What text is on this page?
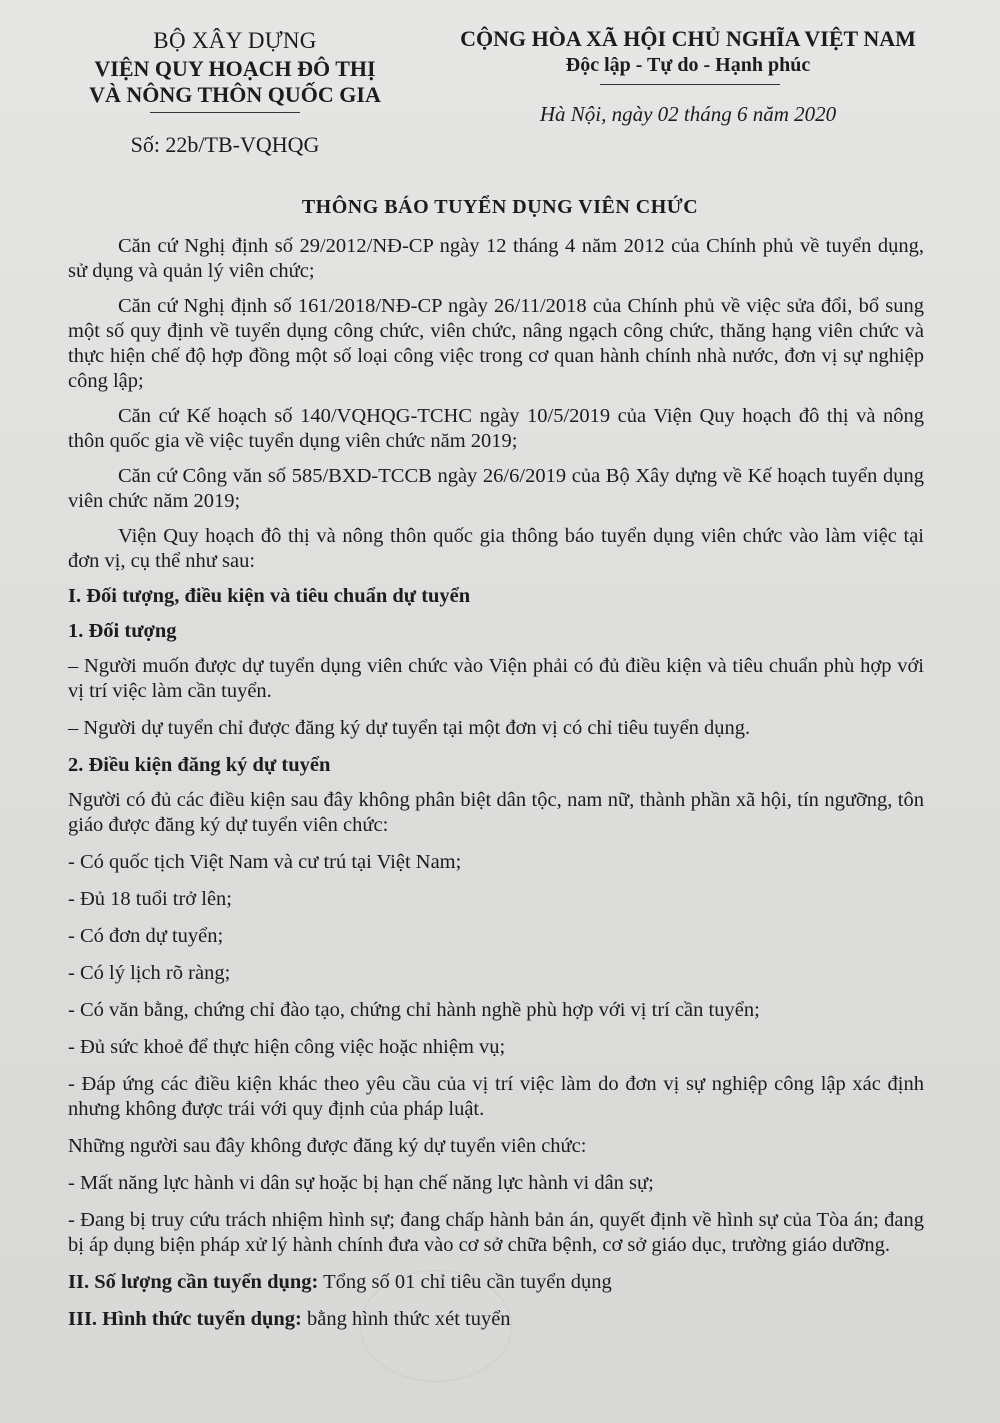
BỘ XÂY DỰNG
VIỆN QUY HOẠCH ĐÔ THỊ
VÀ NÔNG THÔN QUỐC GIA
Số: 22b/TB-VQHQG
CỘNG HÒA XÃ HỘI CHỦ NGHĨA VIỆT NAM
Độc lập - Tự do - Hạnh phúc
Hà Nội, ngày 02 tháng 6 năm 2020
THÔNG BÁO TUYỂN DỤNG VIÊN CHỨC

Căn cứ Nghị định số 29/2012/NĐ-CP ngày 12 tháng 4 năm 2012 của Chính phủ về tuyển dụng, sử dụng và quản lý viên chức;

Căn cứ Nghị định số 161/2018/NĐ-CP ngày 26/11/2018 của Chính phủ về việc sửa đổi, bổ sung một số quy định về tuyển dụng công chức, viên chức, nâng ngạch công chức, thăng hạng viên chức và thực hiện chế độ hợp đồng một số loại công việc trong cơ quan hành chính nhà nước, đơn vị sự nghiệp công lập;

Căn cứ Kế hoạch số 140/VQHQG-TCHC ngày 10/5/2019 của Viện Quy hoạch đô thị và nông thôn quốc gia về việc tuyển dụng viên chức năm 2019;

Căn cứ Công văn số 585/BXD-TCCB ngày 26/6/2019 của Bộ Xây dựng về Kế hoạch tuyển dụng viên chức năm 2019;

Viện Quy hoạch đô thị và nông thôn quốc gia thông báo tuyển dụng viên chức vào làm việc tại đơn vị, cụ thể như sau:

I. Đối tượng, điều kiện và tiêu chuẩn dự tuyển
1. Đối tượng

– Người muốn được dự tuyển dụng viên chức vào Viện phải có đủ điều kiện và tiêu chuẩn phù hợp với vị trí việc làm cần tuyển.

– Người dự tuyển chỉ được đăng ký dự tuyển tại một đơn vị có chỉ tiêu tuyển dụng.

2. Điều kiện đăng ký dự tuyển

Người có đủ các điều kiện sau đây không phân biệt dân tộc, nam nữ, thành phần xã hội, tín ngưỡng, tôn giáo được đăng ký dự tuyển viên chức:

- Có quốc tịch Việt Nam và cư trú tại Việt Nam;

- Đủ 18 tuổi trở lên;

- Có đơn dự tuyển;

- Có lý lịch rõ ràng;

- Có văn bằng, chứng chỉ đào tạo, chứng chỉ hành nghề phù hợp với vị trí cần tuyển;

- Đủ sức khoẻ để thực hiện công việc hoặc nhiệm vụ;

- Đáp ứng các điều kiện khác theo yêu cầu của vị trí việc làm do đơn vị sự nghiệp công lập xác định nhưng không được trái với quy định của pháp luật.

Những người sau đây không được đăng ký dự tuyển viên chức:

- Mất năng lực hành vi dân sự hoặc bị hạn chế năng lực hành vi dân sự;

- Đang bị truy cứu trách nhiệm hình sự; đang chấp hành bản án, quyết định về hình sự của Tòa án; đang bị áp dụng biện pháp xử lý hành chính đưa vào cơ sở chữa bệnh, cơ sở giáo dục, trường giáo dưỡng.

II. Số lượng cần tuyển dụng: Tổng số 01 chỉ tiêu cần tuyển dụng

III. Hình thức tuyển dụng: bằng hình thức xét tuyển
